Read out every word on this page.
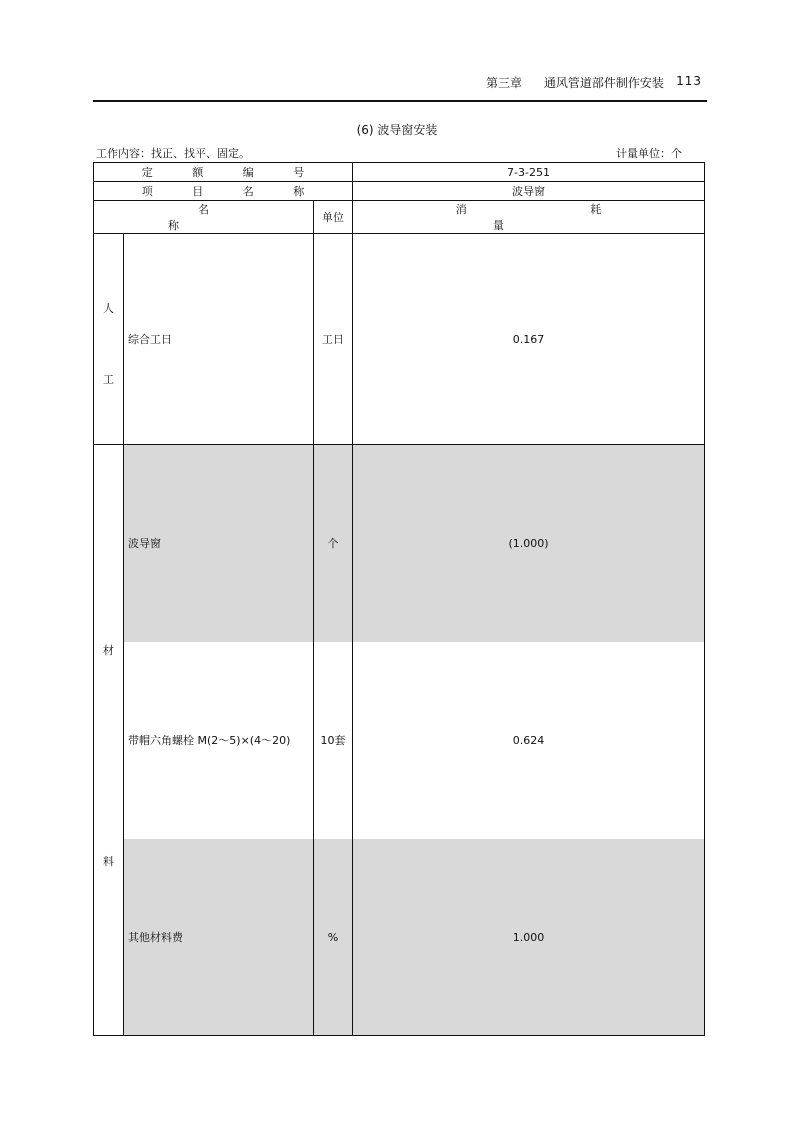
第三章 通风管道部件制作安装 113
(6) 波导窗安装
工作内容：找正、找平、固定。	计量单位：个
定 额 编 号			7-3-251
项 目 名 称			波导窗
名 称		单位	消 耗 量

人
工	综合工日	工日	0.167

材
料	波导窗	个	(1.000)
	带帽六角螺栓 M(2～5)×(4～20)	10套	0.624
	其他材料费	%	1.000
